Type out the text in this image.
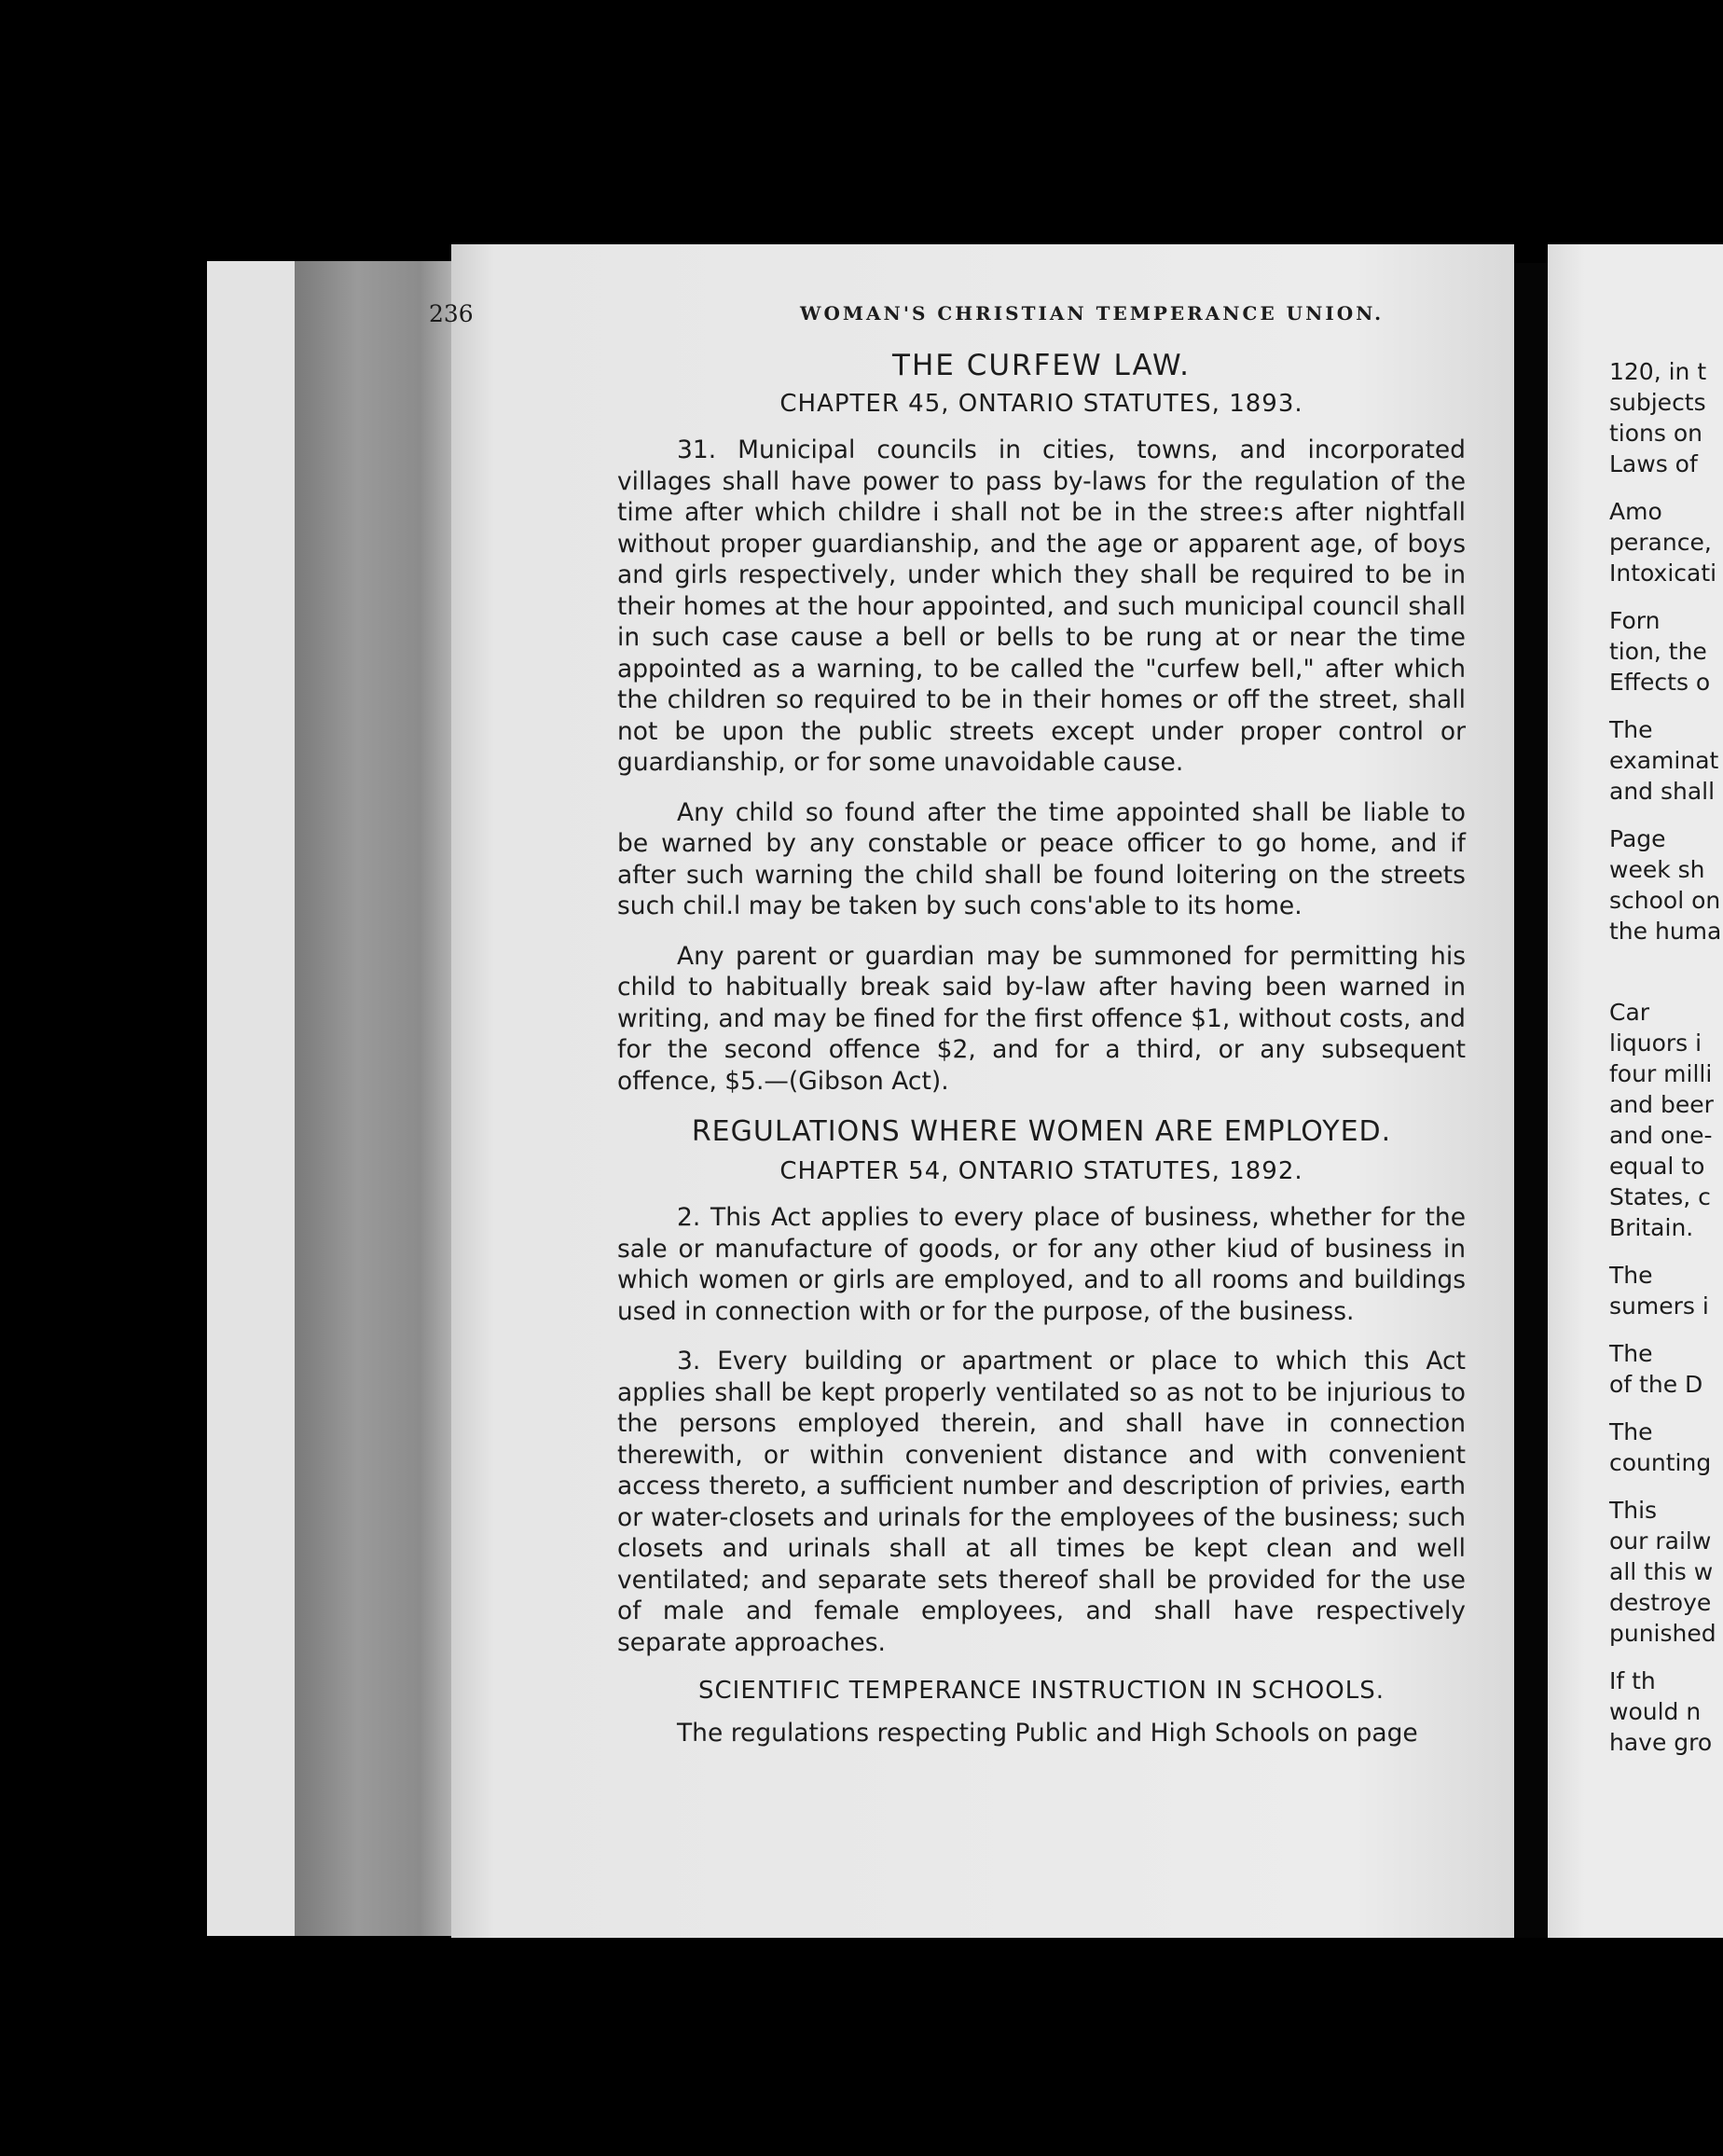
236	WOMAN'S CHRISTIAN TEMPERANCE UNION.
THE CURFEW LAW.
CHAPTER 45, ONTARIO STATUTES, 1893.

31. Municipal councils in cities, towns, and incorporated villages shall have power to pass by-laws for the regulation of the time after which childre i shall not be in the stree:s after nightfall without proper guardianship, and the age or apparent age, of boys and girls respectively, under which they shall be required to be in their homes at the hour appointed, and such municipal council shall in such case cause a bell or bells to be rung at or near the time appointed as a warning, to be called the "curfew bell," after which the children so required to be in their homes or off the street, shall not be upon the public streets except under proper control or guardianship, or for some unavoidable cause.

Any child so found after the time appointed shall be liable to be warned by any constable or peace officer to go home, and if after such warning the child shall be found loitering on the streets such chil.l may be taken by such cons'able to its home.

Any parent or guardian may be summoned for permitting his child to habitually break said by-law after having been warned in writing, and may be fined for the first offence $1, without costs, and for the second offence $2, and for a third, or any subsequent offence, $5.—(Gibson Act).

REGULATIONS WHERE WOMEN ARE EMPLOYED.
CHAPTER 54, ONTARIO STATUTES, 1892.

2. This Act applies to every place of business, whether for the sale or manufacture of goods, or for any other kiud of business in which women or girls are employed, and to all rooms and buildings used in connection with or for the purpose, of the business.

3. Every building or apartment or place to which this Act applies shall be kept properly ventilated so as not to be injurious to the persons employed therein, and shall have in connection therewith, or within convenient distance and with convenient access thereto, a sufficient number and description of privies, earth or water-closets and urinals for the employees of the business; such closets and urinals shall at all times be kept clean and well ventilated; and separate sets thereof shall be provided for the use of male and female employees, and shall have respectively separate approaches.

SCIENTIFIC TEMPERANCE INSTRUCTION IN SCHOOLS.

The regulations respecting Public and High Schools on page

120, in t
subjects
tions on
Laws of
Amo
perance,
Intoxicati
Forn
tion, the
Effects o
The
examinat
and shall
Page
week sh
school on
the huma
Car
liquors i
four milli
and beer
and one-
equal to
States, c
Britain.
The
sumers i
The
of the D
The
counting
This
our railw
all this w
destroye
punished
If th
would n
have gro
